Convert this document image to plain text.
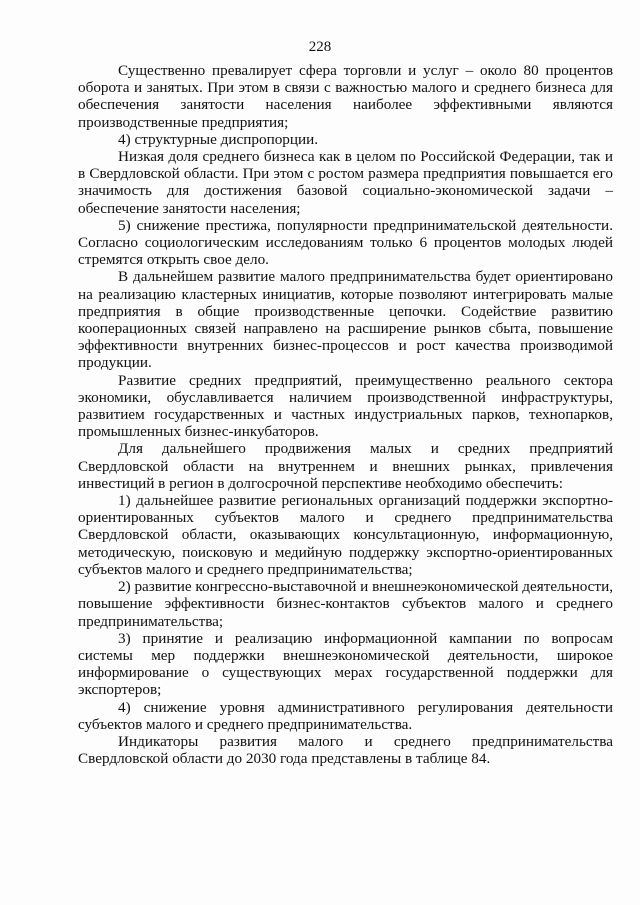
228

Существенно превалирует сфера торговли и услуг – около 80 процентов оборота и занятых. При этом в связи с важностью малого и среднего бизнеса для обеспечения занятости населения наиболее эффективными являются производственные предприятия;

4) структурные диспропорции.

Низкая доля среднего бизнеса как в целом по Российской Федерации, так и в Свердловской области. При этом с ростом размера предприятия повышается его значимость для достижения базовой социально-экономической задачи – обеспечение занятости населения;

5) снижение престижа, популярности предпринимательской деятельности. Согласно социологическим исследованиям только 6 процентов молодых людей стремятся открыть свое дело.

В дальнейшем развитие малого предпринимательства будет ориентировано на реализацию кластерных инициатив, которые позволяют интегрировать малые предприятия в общие производственные цепочки. Содействие развитию кооперационных связей направлено на расширение рынков сбыта, повышение эффективности внутренних бизнес-процессов и рост качества производимой продукции.

Развитие средних предприятий, преимущественно реального сектора экономики, обуславливается наличием производственной инфраструктуры, развитием государственных и частных индустриальных парков, технопарков, промышленных бизнес-инкубаторов.

Для дальнейшего продвижения малых и средних предприятий Свердловской области на внутреннем и внешних рынках, привлечения инвестиций в регион в долгосрочной перспективе необходимо обеспечить:

1) дальнейшее развитие региональных организаций поддержки экспортно-ориентированных субъектов малого и среднего предпринимательства Свердловской области, оказывающих консультационную, информационную, методическую, поисковую и медийную поддержку экспортно-ориентированных субъектов малого и среднего предпринимательства;

2) развитие конгрессно-выставочной и внешнеэкономической деятельности, повышение эффективности бизнес-контактов субъектов малого и среднего предпринимательства;

3) принятие и реализацию информационной кампании по вопросам системы мер поддержки внешнеэкономической деятельности, широкое информирование о существующих мерах государственной поддержки для экспортеров;

4) снижение уровня административного регулирования деятельности субъектов малого и среднего предпринимательства.

Индикаторы развития малого и среднего предпринимательства Свердловской области до 2030 года представлены в таблице 84.
